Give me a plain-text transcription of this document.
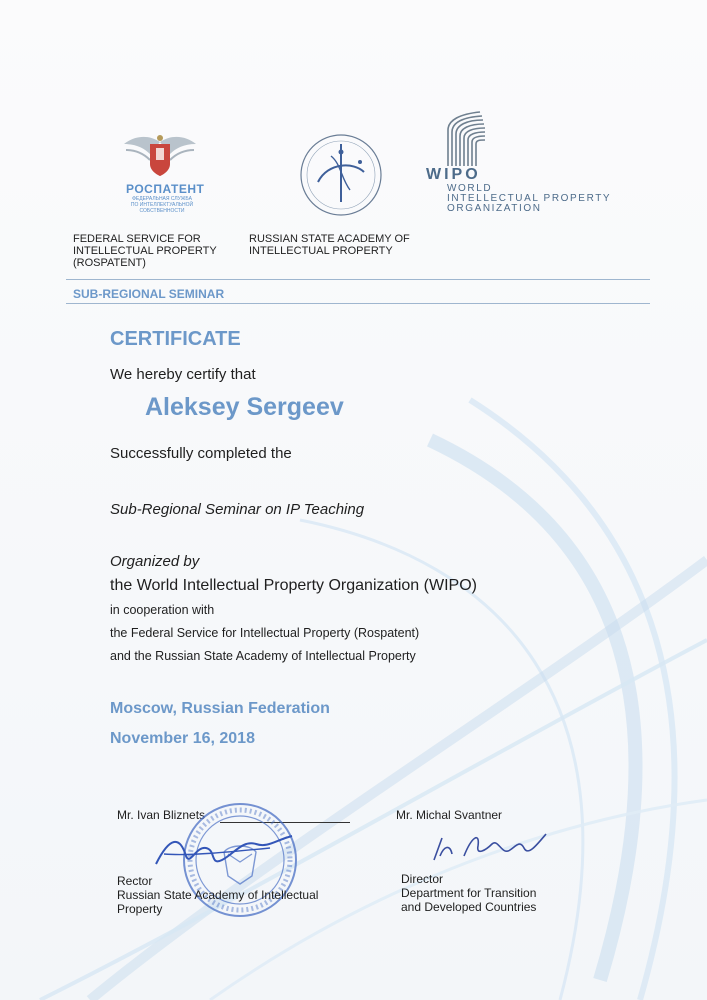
РОСПАТЕНТ
ФЕДЕРАЛЬНАЯ СЛУЖБА
ПО ИНТЕЛЛЕКТУАЛЬНОЙ
СОБСТВЕННОСТИ
WIPO
WORLD
INTELLECTUAL PROPERTY
ORGANIZATION
FEDERAL SERVICE FOR
INTELLECTUAL PROPERTY
(ROSPATENT)
RUSSIAN STATE ACADEMY OF
INTELLECTUAL PROPERTY
SUB-REGIONAL SEMINAR
CERTIFICATE
We hereby certify that
Aleksey Sergeev
Successfully completed the
Sub-Regional Seminar on IP Teaching
Organized by
the World Intellectual Property Organization (WIPO)
in cooperation with
the Federal Service for Intellectual Property (Rospatent)
and the Russian State Academy of Intellectual Property
Moscow, Russian Federation
November 16, 2018
Mr. Ivan Bliznets
Rector
Russian State Academy of Intellectual
Property
Mr. Michal Svantner
Director
Department for Transition
and Developed Countries
